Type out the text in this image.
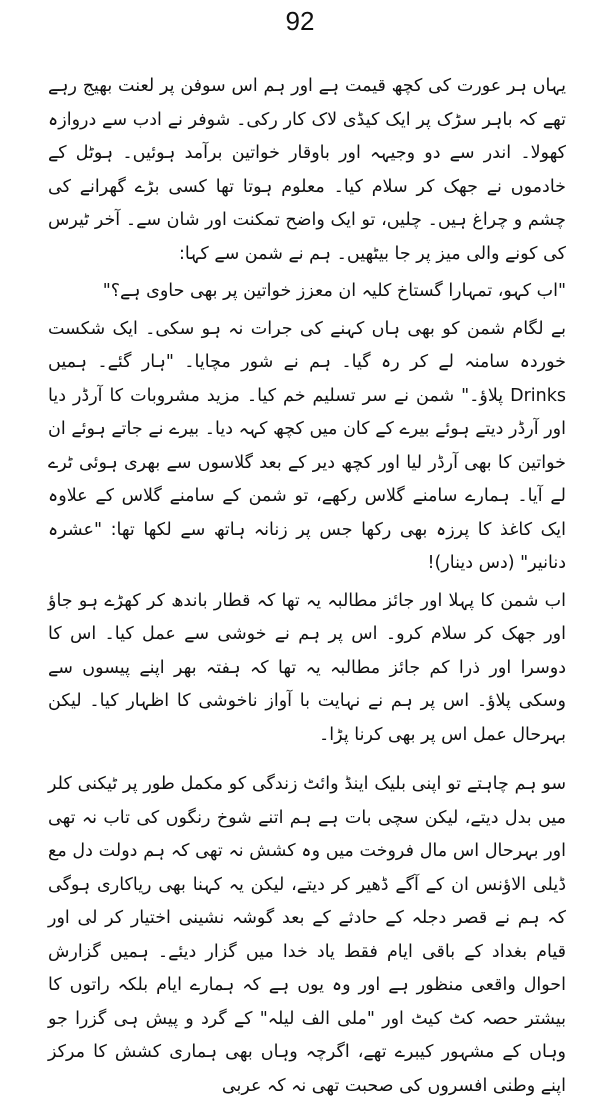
92

یہاں ہر عورت کی کچھ قیمت ہے اور ہم اس سوفن پر لعنت بھیج رہے تھے کہ باہر سڑک پر ایک کیڈی لاک کار رکی۔ شوفر نے ادب سے دروازہ کھولا۔ اندر سے دو وجیہہ اور باوقار خواتین برآمد ہوئیں۔ ہوٹل کے خادموں نے جھک کر سلام کیا۔ معلوم ہوتا تھا کسی بڑے گھرانے کی چشم و چراغ ہیں۔ چلیں، تو ایک واضح تمکنت اور شان سے۔ آخر ٹیرس کی کونے والی میز پر جا بیٹھیں۔ ہم نے شمن سے کہا:

"اب کہو، تمہارا گستاخ کلیہ ان معزز خواتین پر بھی حاوی ہے؟"

بے لگام شمن کو بھی ہاں کہنے کی جرات نہ ہو سکی۔ ایک شکست خوردہ سامنہ لے کر رہ گیا۔ ہم نے شور مچایا۔ "ہار گئے۔ ہمیں Drinks پلاؤ۔" شمن نے سر تسلیم خم کیا۔ مزید مشروبات کا آرڈر دیا اور آرڈر دیتے ہوئے بیرے کے کان میں کچھ کہہ دیا۔ بیرے نے جاتے ہوئے ان خواتین کا بھی آرڈر لیا اور کچھ دیر کے بعد گلاسوں سے بھری ہوئی ٹرے لے آیا۔ ہمارے سامنے گلاس رکھے، تو شمن کے سامنے گلاس کے علاوہ ایک کاغذ کا پرزہ بھی رکھا جس پر زنانہ ہاتھ سے لکھا تھا: "عشرہ دنانیر" (دس دینار)!

اب شمن کا پہلا اور جائز مطالبہ یہ تھا کہ قطار باندھ کر کھڑے ہو جاؤ اور جھک کر سلام کرو۔ اس پر ہم نے خوشی سے عمل کیا۔ اس کا دوسرا اور ذرا کم جائز مطالبہ یہ تھا کہ ہفتہ بھر اپنے پیسوں سے وسکی پلاؤ۔ اس پر ہم نے نہایت با آواز ناخوشی کا اظہار کیا۔ لیکن بہرحال عمل اس پر بھی کرنا پڑا۔

سو ہم چاہتے تو اپنی بلیک اینڈ وائٹ زندگی کو مکمل طور پر ٹیکنی کلر میں بدل دیتے، لیکن سچی بات ہے ہم اتنے شوخ رنگوں کی تاب نہ تھی اور بہرحال اس مال فروخت میں وہ کشش نہ تھی کہ ہم دولت دل مع ڈیلی الاؤنس ان کے آگے ڈھیر کر دیتے، لیکن یہ کہنا بھی ریاکاری ہوگی کہ ہم نے قصر دجلہ کے حادثے کے بعد گوشہ نشینی اختیار کر لی اور قیام بغداد کے باقی ایام فقط یاد خدا میں گزار دیئے۔ ہمیں گزارش احوال واقعی منظور ہے اور وہ یوں ہے کہ ہمارے ایام بلکہ راتوں کا بیشتر حصہ کٹ کیٹ اور "ملی الف لیلہ" کے گرد و پیش ہی گزرا جو وہاں کے مشہور کیبرے تھے، اگرچہ وہاں بھی ہماری کشش کا مرکز اپنے وطنی افسروں کی صحبت تھی نہ کہ عربی
